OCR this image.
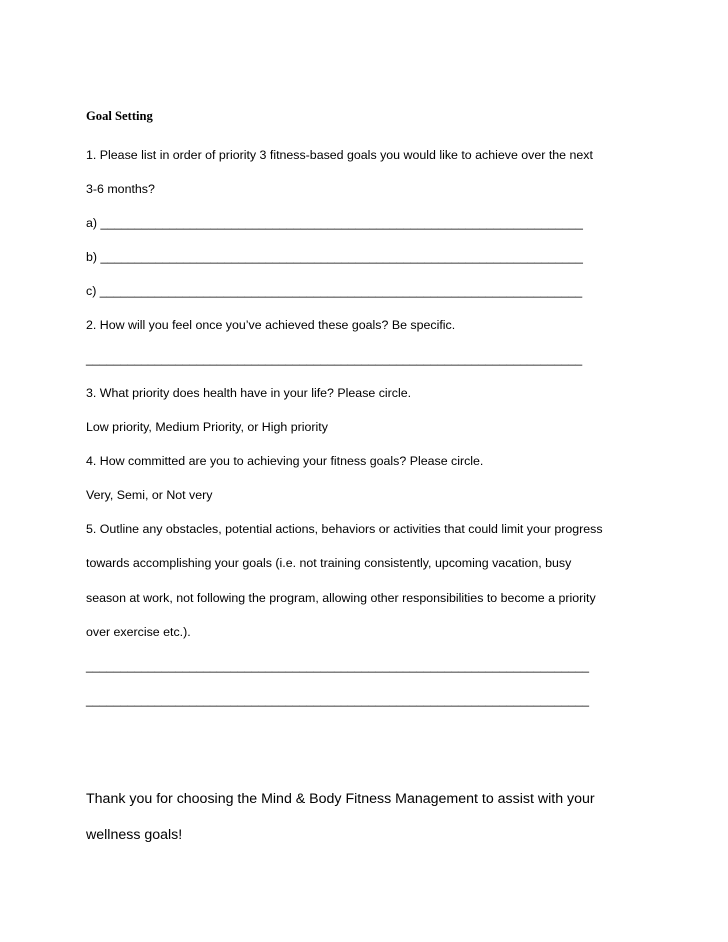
Goal Setting

1. Please list in order of priority 3 fitness-based goals you would like to achieve over the next

3-6 months?

a) ______________________________________________________________________

b) ______________________________________________________________________

c) ______________________________________________________________________

2. How will you feel once you’ve achieved these goals? Be specific.

________________________________________________________________________

3. What priority does health have in your life? Please circle.

Low priority, Medium Priority, or High priority

4. How committed are you to achieving your fitness goals? Please circle.

Very, Semi, or Not very

5. Outline any obstacles, potential actions, behaviors or activities that could limit your progress

towards accomplishing your goals (i.e. not training consistently, upcoming vacation, busy

season at work, not following the program, allowing other responsibilities to become a priority

over exercise etc.).

_________________________________________________________________________

_________________________________________________________________________

Thank you for choosing the Mind & Body Fitness Management to assist with your

wellness goals!
